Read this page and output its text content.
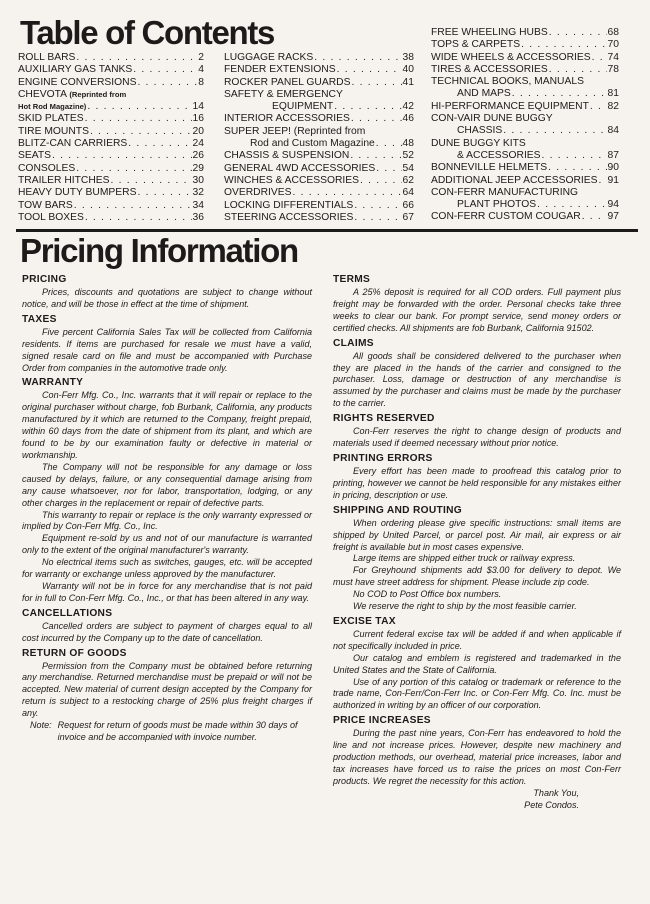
Table of Contents
ROLL BARS . . .	2
AUXILIARY GAS TANKS . . .	4
ENGINE CONVERSIONS . . .	8
CHEVOTA (Reprinted from
Hot Rod Magazine) . . .	14
SKID PLATES . . .	16
TIRE MOUNTS . . .	20
BLITZ-CAN CARRIERS . . .	24
SEATS . . .	26
CONSOLES . . .	29
TRAILER HITCHES . . .	30
HEAVY DUTY BUMPERS . . .	32
TOW BARS . . .	34
TOOL BOXES . . .	36
LUGGAGE RACKS . . .	38
FENDER EXTENSIONS . . .	40
ROCKER PANEL GUARDS . . .	41
SAFETY & EMERGENCY
EQUIPMENT . . .	42
INTERIOR ACCESSORIES . . .	46
SUPER JEEP! (Reprinted from
Rod and Custom Magazine . . .	48
CHASSIS & SUSPENSION . . .	52
GENERAL 4WD ACCESSORIES . . .	54
WINCHES & ACCESSORIES . . .	62
OVERDRIVES . . .	64
LOCKING DIFFERENTIALS . . .	66
STEERING ACCESSORIES . . .	67
FREE WHEELING HUBS . . .	68
TOPS & CARPETS . . .	70
WIDE WHEELS & ACCESSORIES . . . 74
TIRES & ACCESSORIES . . .	78
TECHNICAL BOOKS, MANUALS
AND MAPS . . .	81
HI-PERFORMANCE EQUIPMENT . . . 82
CON-VAIR DUNE BUGGY
CHASSIS . . .	84
DUNE BUGGY KITS
& ACCESSORIES . . .	87
BONNEVILLE HELMETS . . .	90
ADDITIONAL JEEP ACCESSORIES . . . 91
CON-FERR MANUFACTURING
PLANT PHOTOS . . .	94
CON-FERR CUSTOM COUGAR . . .	97
Pricing Information
PRICING

Prices, discounts and quotations are subject to change without notice, and will be those in effect at the time of shipment.

TAXES

Five percent California Sales Tax will be collected from California residents. If items are purchased for resale we must have a valid, signed resale card on file and must be accompanied with Purchase Order from companies in the automotive trade only.

WARRANTY

Con-Ferr Mfg. Co., Inc. warrants that it will repair or replace to the original purchaser without charge, fob Burbank, California, any products manufactured by it which are returned to the Company, freight prepaid, within 60 days from the date of shipment from its plant, and which are found to be by our examination faulty or defective in material or workmanship.

The Company will not be responsible for any damage or loss caused by delays, failure, or any consequential damage arising from any cause whatsoever, nor for labor, transportation, lodging, or any other charges in the replacement or repair of defective parts.

This warranty to repair or replace is the only warranty expressed or implied by Con-Ferr Mfg. Co., Inc.

Equipment re-sold by us and not of our manufacture is warranted only to the extent of the original manufacturer's warranty.

No electrical items such as switches, gauges, etc. will be accepted for warranty or exchange unless approved by the manufacturer.

Warranty will not be in force for any merchandise that is not paid for in full to Con-Ferr Mfg. Co., Inc., or that has been altered in any way.

CANCELLATIONS

Cancelled orders are subject to payment of charges equal to all cost incurred by the Company up to the date of cancellation.

RETURN OF GOODS

Permission from the Company must be obtained before returning any merchandise. Returned merchandise must be prepaid or will not be accepted. New material of current design accepted by the Company for return is subject to a restocking charge of 25% plus freight charges if any.

Note: Request for return of goods must be made within 30 days of invoice and be accompanied with invoice number.
TERMS

A 25% deposit is required for all COD orders. Full payment plus freight may be forwarded with the order. Personal checks take three weeks to clear our bank. For prompt service, send money orders or certified checks. All shipments are fob Burbank, California 91502.

CLAIMS

All goods shall be considered delivered to the purchaser when they are placed in the hands of the carrier and consigned to the purchaser. Loss, damage or destruction of any merchandise is assumed by the purchaser and claims must be made by the purchaser to the carrier.

RIGHTS RESERVED

Con-Ferr reserves the right to change design of products and materials used if deemed necessary without prior notice.

PRINTING ERRORS

Every effort has been made to proofread this catalog prior to printing, however we cannot be held responsible for any mistakes either in pricing, description or use.

SHIPPING AND ROUTING

When ordering please give specific instructions: small items are shipped by United Parcel, or parcel post. Air mail, air express or air freight is available but in most cases expensive.

Large items are shipped either truck or railway express.

For Greyhound shipments add $3.00 for delivery to depot. We must have street address for shipment. Please include zip code.

No COD to Post Office box numbers.

We reserve the right to ship by the most feasible carrier.

EXCISE TAX

Current federal excise tax will be added if and when applicable if not specifically included in price.

Our catalog and emblem is registered and trademarked in the United States and the State of California.

Use of any portion of this catalog or trademark or reference to the trade name, Con-Ferr/Con-Ferr Inc. or Con-Ferr Mfg. Co. Inc. must be authorized in writing by an officer of our corporation.

PRICE INCREASES

During the past nine years, Con-Ferr has endeavored to hold the line and not increase prices. However, despite new machinery and production methods, our overhead, material price increases, labor and tax increases have forced us to raise the prices on most Con-Ferr products. We regret the necessity for this action.

Thank You,
Pete Condos.
